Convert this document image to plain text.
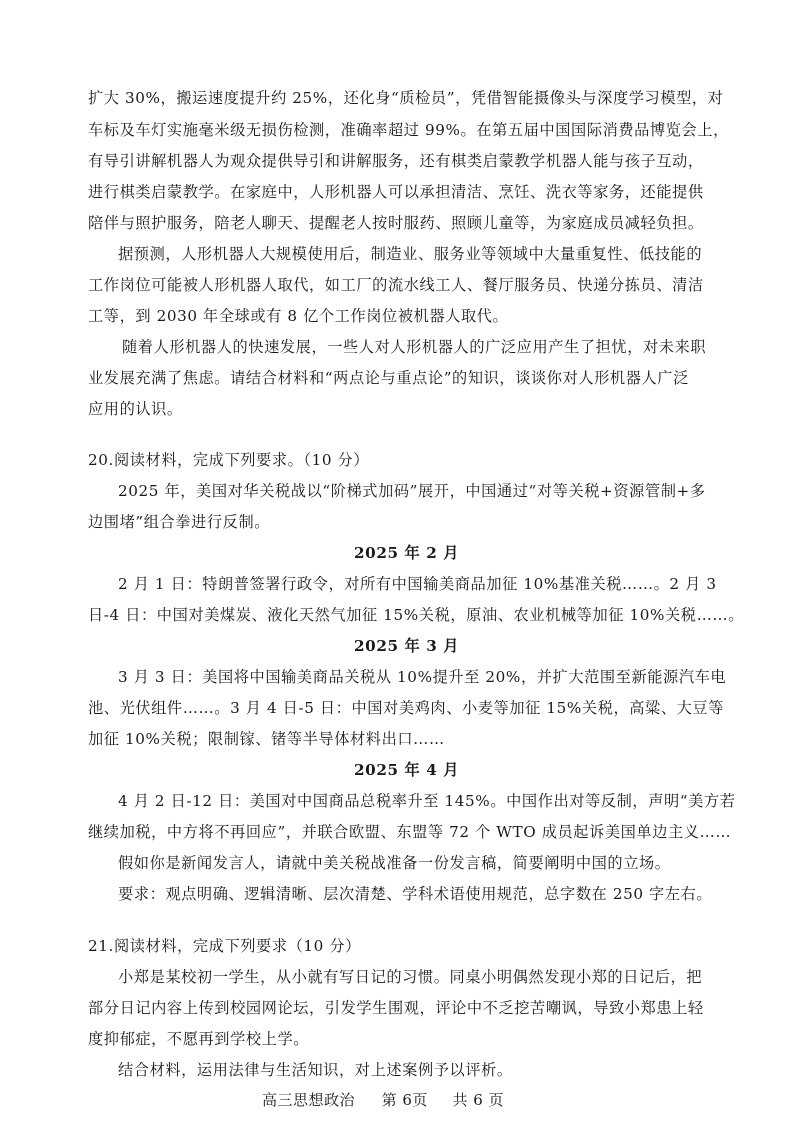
扩大 30%，搬运速度提升约 25%，还化身“质检员”，凭借智能摄像头与深度学习模型，对
车标及车灯实施毫米级无损伤检测，准确率超过 99%。在第五届中国国际消费品博览会上，
有导引讲解机器人为观众提供导引和讲解服务，还有棋类启蒙教学机器人能与孩子互动，
进行棋类启蒙教学。在家庭中，人形机器人可以承担清洁、烹饪、洗衣等家务，还能提供
陪伴与照护服务，陪老人聊天、提醒老人按时服药、照顾儿童等，为家庭成员减轻负担。
据预测，人形机器人大规模使用后，制造业、服务业等领域中大量重复性、低技能的
工作岗位可能被人形机器人取代，如工厂的流水线工人、餐厅服务员、快递分拣员、清洁
工等，到 2030 年全球或有 8 亿个工作岗位被机器人取代。
随着人形机器人的快速发展，一些人对人形机器人的广泛应用产生了担忧，对未来职
业发展充满了焦虑。请结合材料和“两点论与重点论”的知识，谈谈你对人形机器人广泛
应用的认识。
20.阅读材料，完成下列要求。（10 分）
2025 年，美国对华关税战以“阶梯式加码”展开，中国通过“对等关税+资源管制+多
边围堵”组合拳进行反制。
2025 年 2 月
2 月 1 日：特朗普签署行政令，对所有中国输美商品加征 10%基准关税……。2 月 3
日-4 日：中国对美煤炭、液化天然气加征 15%关税，原油、农业机械等加征 10%关税……。
2025 年 3 月
3 月 3 日：美国将中国输美商品关税从 10%提升至 20%，并扩大范围至新能源汽车电
池、光伏组件……。3 月 4 日-5 日：中国对美鸡肉、小麦等加征 15%关税，高粱、大豆等
加征 10%关税；限制镓、锗等半导体材料出口……
2025 年 4 月
4 月 2 日-12 日：美国对中国商品总税率升至 145%。中国作出对等反制，声明“美方若
继续加税，中方将不再回应”，并联合欧盟、东盟等 72 个 WTO 成员起诉美国单边主义……
假如你是新闻发言人，请就中美关税战准备一份发言稿，简要阐明中国的立场。
要求：观点明确、逻辑清晰、层次清楚、学科术语使用规范，总字数在 250 字左右。
21.阅读材料，完成下列要求（10 分）
小郑是某校初一学生，从小就有写日记的习惯。同桌小明偶然发现小郑的日记后，把
部分日记内容上传到校园网论坛，引发学生围观，评论中不乏挖苦嘲讽，导致小郑患上轻
度抑郁症，不愿再到学校上学。
结合材料，运用法律与生活知识，对上述案例予以评析。
高三思想政治 第 6页 共 6 页
